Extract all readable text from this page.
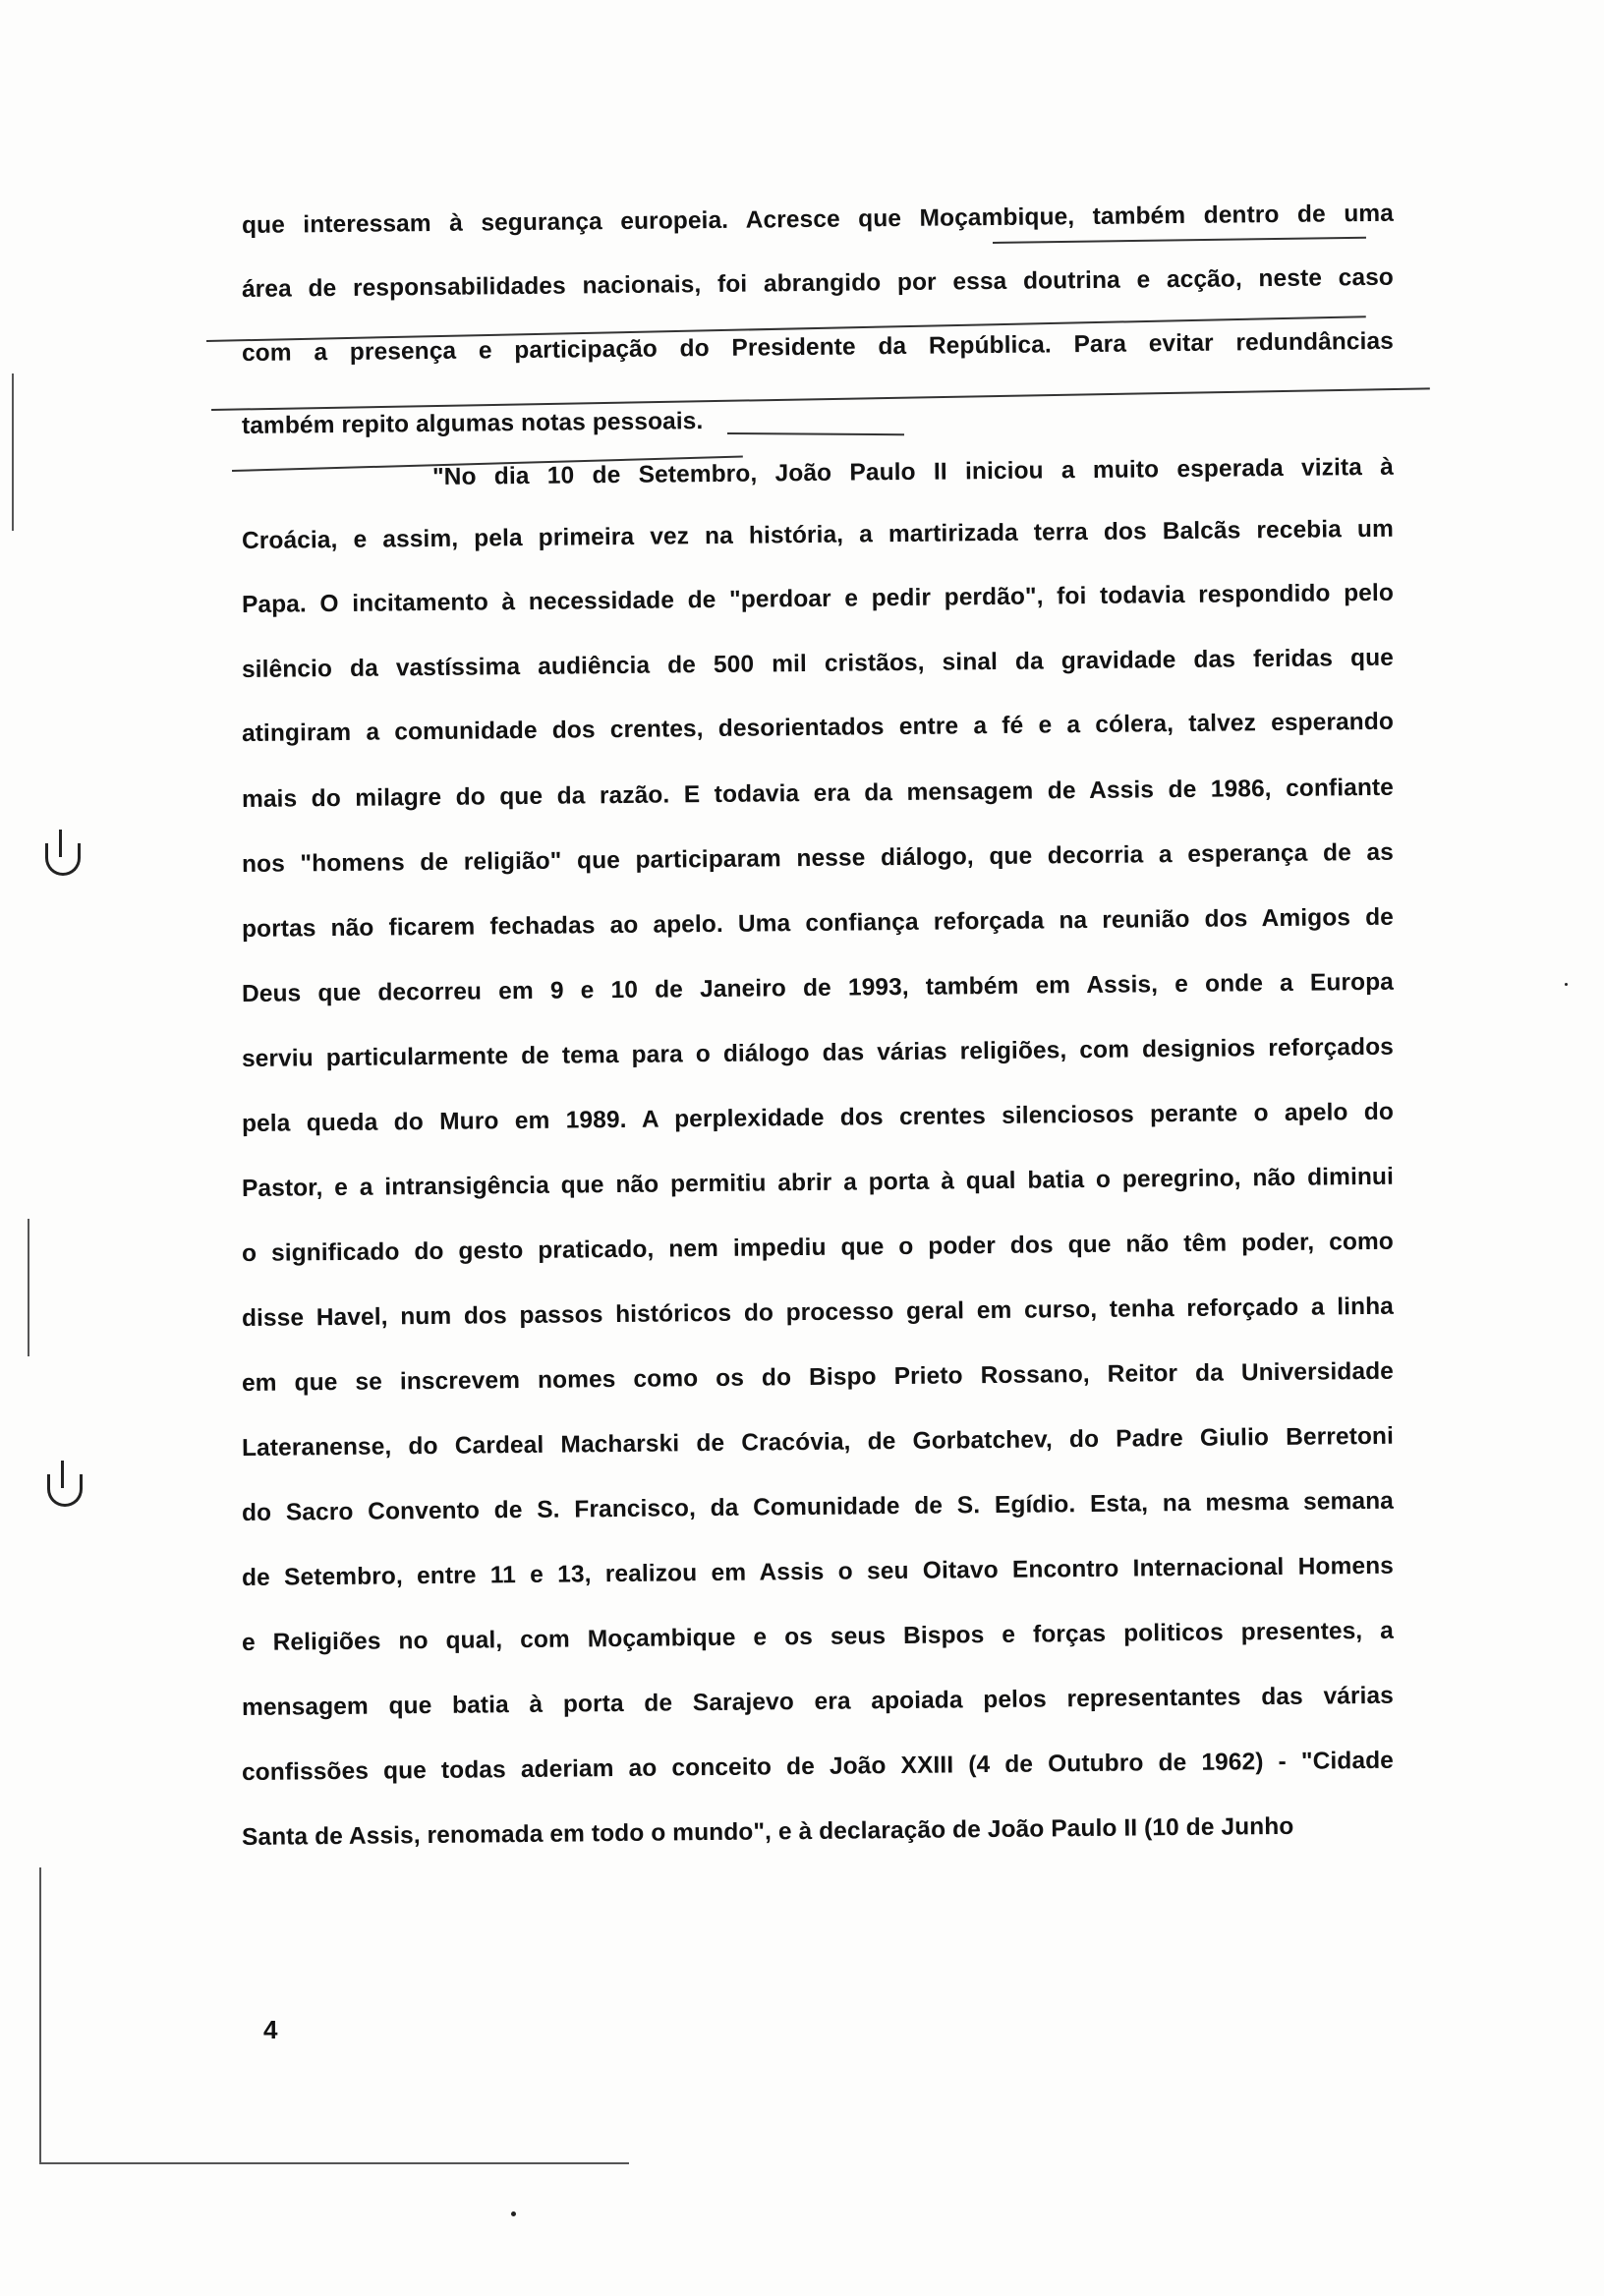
que interessam à segurança europeia. Acresce que Moçambique, também dentro de uma

área de responsabilidades nacionais, foi abrangido por essa doutrina e acção, neste caso

com a presença e participação do Presidente da República. Para evitar redundâncias

também repito algumas notas pessoais.

"No dia 10 de Setembro, João Paulo II iniciou a muito esperada vizita à

Croácia, e assim, pela primeira vez na história, a martirizada terra dos Balcãs recebia um

Papa. O incitamento à necessidade de "perdoar e pedir perdão", foi todavia respondido pelo

silêncio da vastíssima audiência de 500 mil cristãos, sinal da gravidade das feridas que

atingiram a comunidade dos crentes, desorientados entre a fé e a cólera, talvez esperando

mais do milagre do que da razão. E todavia era da mensagem de Assis de 1986, confiante

nos "homens de religião" que participaram nesse diálogo, que decorria a esperança de as

portas não ficarem fechadas ao apelo. Uma confiança reforçada na reunião dos Amigos de

Deus que decorreu em 9 e 10 de Janeiro de 1993, também em Assis, e onde a Europa

serviu particularmente de tema para o diálogo das várias religiões, com designios reforçados

pela queda do Muro em 1989. A perplexidade dos crentes silenciosos perante o apelo do

Pastor, e a intransigência que não permitiu abrir a porta à qual batia o peregrino, não diminui

o significado do gesto praticado, nem impediu que o poder dos que não têm poder, como

disse Havel, num dos passos históricos do processo geral em curso, tenha reforçado a linha

em que se inscrevem nomes como os do Bispo Prieto Rossano, Reitor da Universidade

Lateranense, do Cardeal Macharski de Cracóvia, de Gorbatchev, do Padre Giulio Berretoni

do Sacro Convento de S. Francisco, da Comunidade de S. Egídio. Esta, na mesma semana

de Setembro, entre 11 e 13, realizou em Assis o seu Oitavo Encontro Internacional Homens

e Religiões no qual, com Moçambique e os seus Bispos e forças politicos presentes, a

mensagem que batia à porta de Sarajevo era apoiada pelos representantes das várias

confissões que todas aderiam ao conceito de João XXIII (4 de Outubro de 1962) - "Cidade

Santa de Assis, renomada em todo o mundo", e à declaração de João Paulo II (10 de Junho

4
